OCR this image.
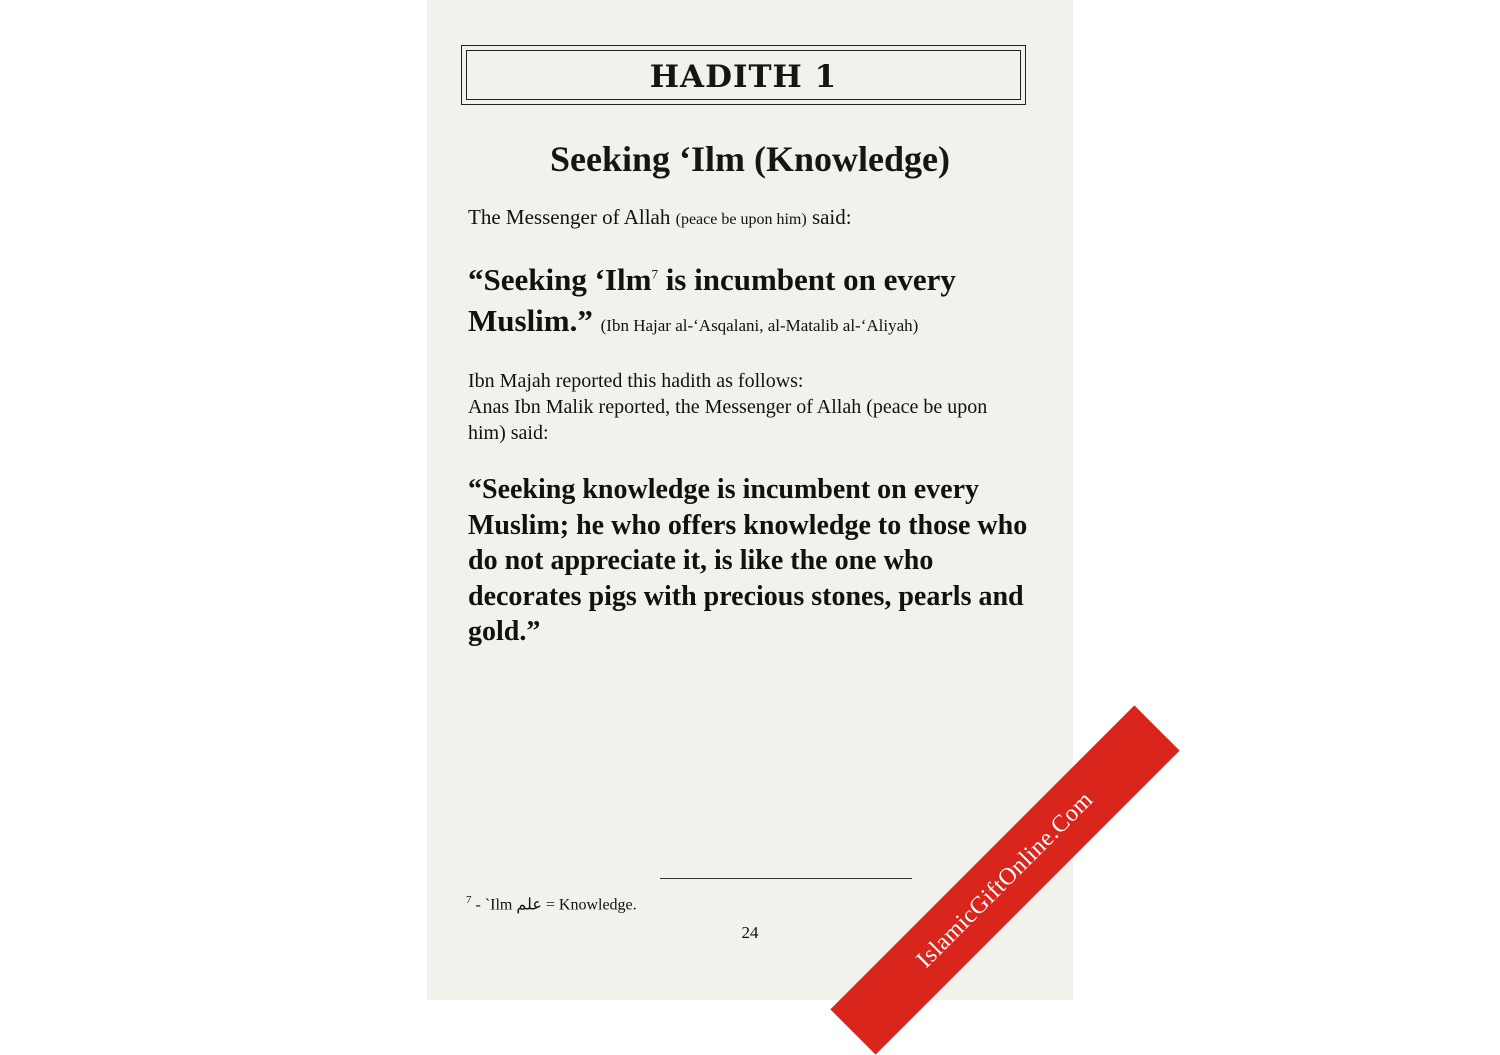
HADITH 1
Seeking ‘Ilm (Knowledge)
The Messenger of Allah (peace be upon him) said:
“Seeking ‘Ilm$^7$ is incumbent on every Muslim.” (Ibn Hajar al-‘Asqalani, al-Matalib al-‘Aliyah)
Ibn Majah reported this hadith as follows:
Anas Ibn Malik reported, the Messenger of Allah (peace be upon him) said:
“Seeking knowledge is incumbent on every Muslim; he who offers knowledge to those who do not appreciate it, is like the one who decorates pigs with precious stones, pearls and gold.”
$^7$ - `Ilm علم = Knowledge.
24	IslamicGiftOnline.Com
